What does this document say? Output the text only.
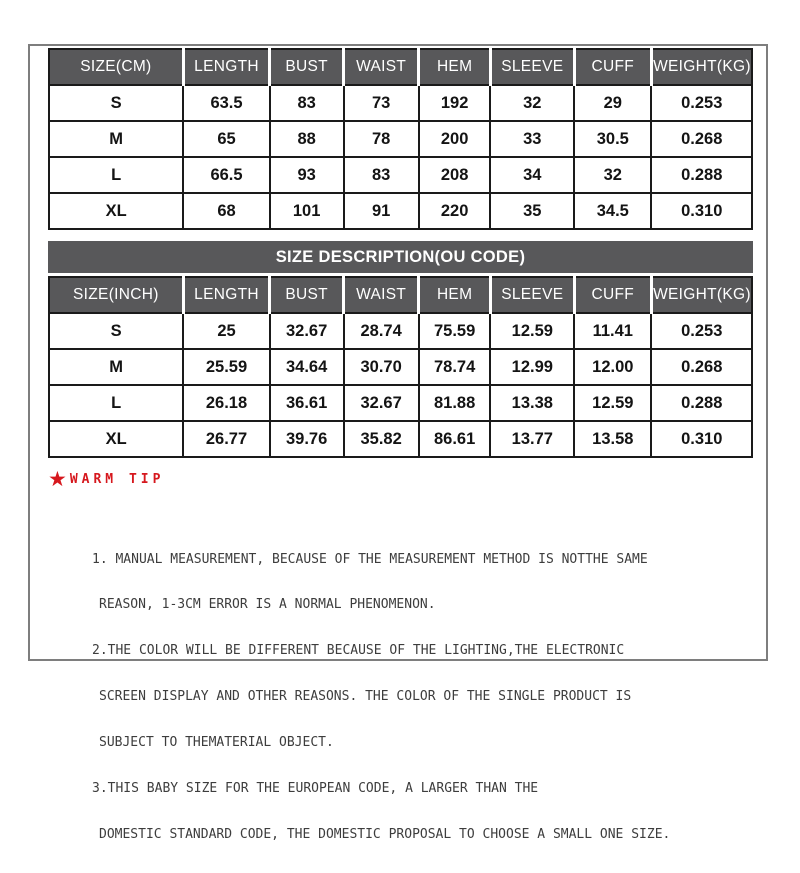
SIZE(CM)	LENGTH	BUST	WAIST	HEM	SLEEVE	CUFF	WEIGHT(KG)
S	63.5	83	73	192	32	29	0.253
M	65	88	78	200	33	30.5	0.268
L	66.5	93	83	208	34	32	0.288
XL	68	101	91	220	35	34.5	0.310
SIZE DESCRIPTION(OU CODE)
SIZE(INCH)	LENGTH	BUST	WAIST	HEM	SLEEVE	CUFF	WEIGHT(KG)
S	25	32.67	28.74	75.59	12.59	11.41	0.253
M	25.59	34.64	30.70	78.74	12.99	12.00	0.268
L	26.18	36.61	32.67	81.88	13.38	12.59	0.288
XL	26.77	39.76	35.82	86.61	13.77	13.58	0.310
★ WARM TIP

1. MANUAL MEASUREMENT, BECAUSE OF THE MEASUREMENT METHOD IS NOTTHE SAME

REASON, 1-3CM ERROR IS A NORMAL PHENOMENON.

2.THE COLOR WILL BE DIFFERENT BECAUSE OF THE LIGHTING,THE ELECTRONIC

SCREEN DISPLAY AND OTHER REASONS. THE COLOR OF THE SINGLE PRODUCT IS

SUBJECT TO THEMATERIAL OBJECT.

3.THIS BABY SIZE FOR THE EUROPEAN CODE, A LARGER THAN THE

DOMESTIC STANDARD CODE, THE DOMESTIC PROPOSAL TO CHOOSE A SMALL ONE SIZE.
